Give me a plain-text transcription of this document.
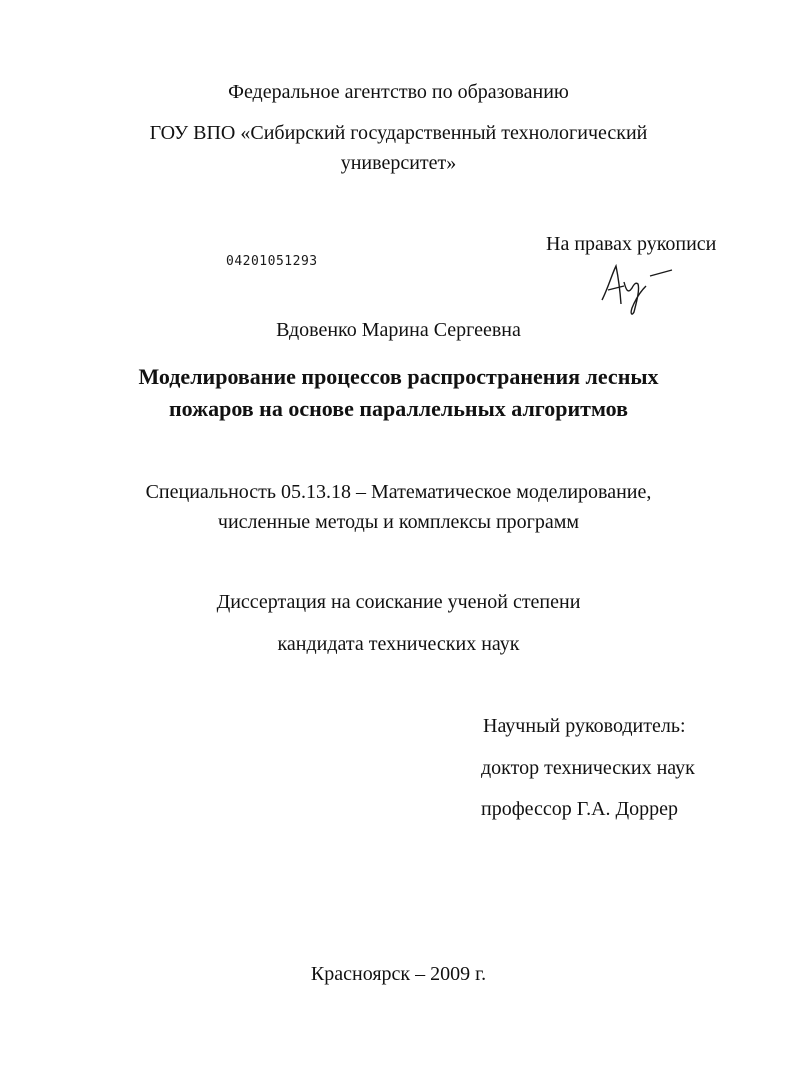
Федеральное агентство по образованию
ГОУ ВПО «Сибирский государственный технологический
университет»
На правах рукописи
04201051293
Вдовенко Марина Сергеевна
Моделирование процессов распространения лесных
пожаров на основе параллельных алгоритмов
Специальность 05.13.18 – Математическое моделирование,
численные методы и комплексы программ
Диссертация на соискание ученой степени
кандидата технических наук
Научный руководитель:
доктор технических наук
профессор Г.А. Доррер
Красноярск – 2009 г.
